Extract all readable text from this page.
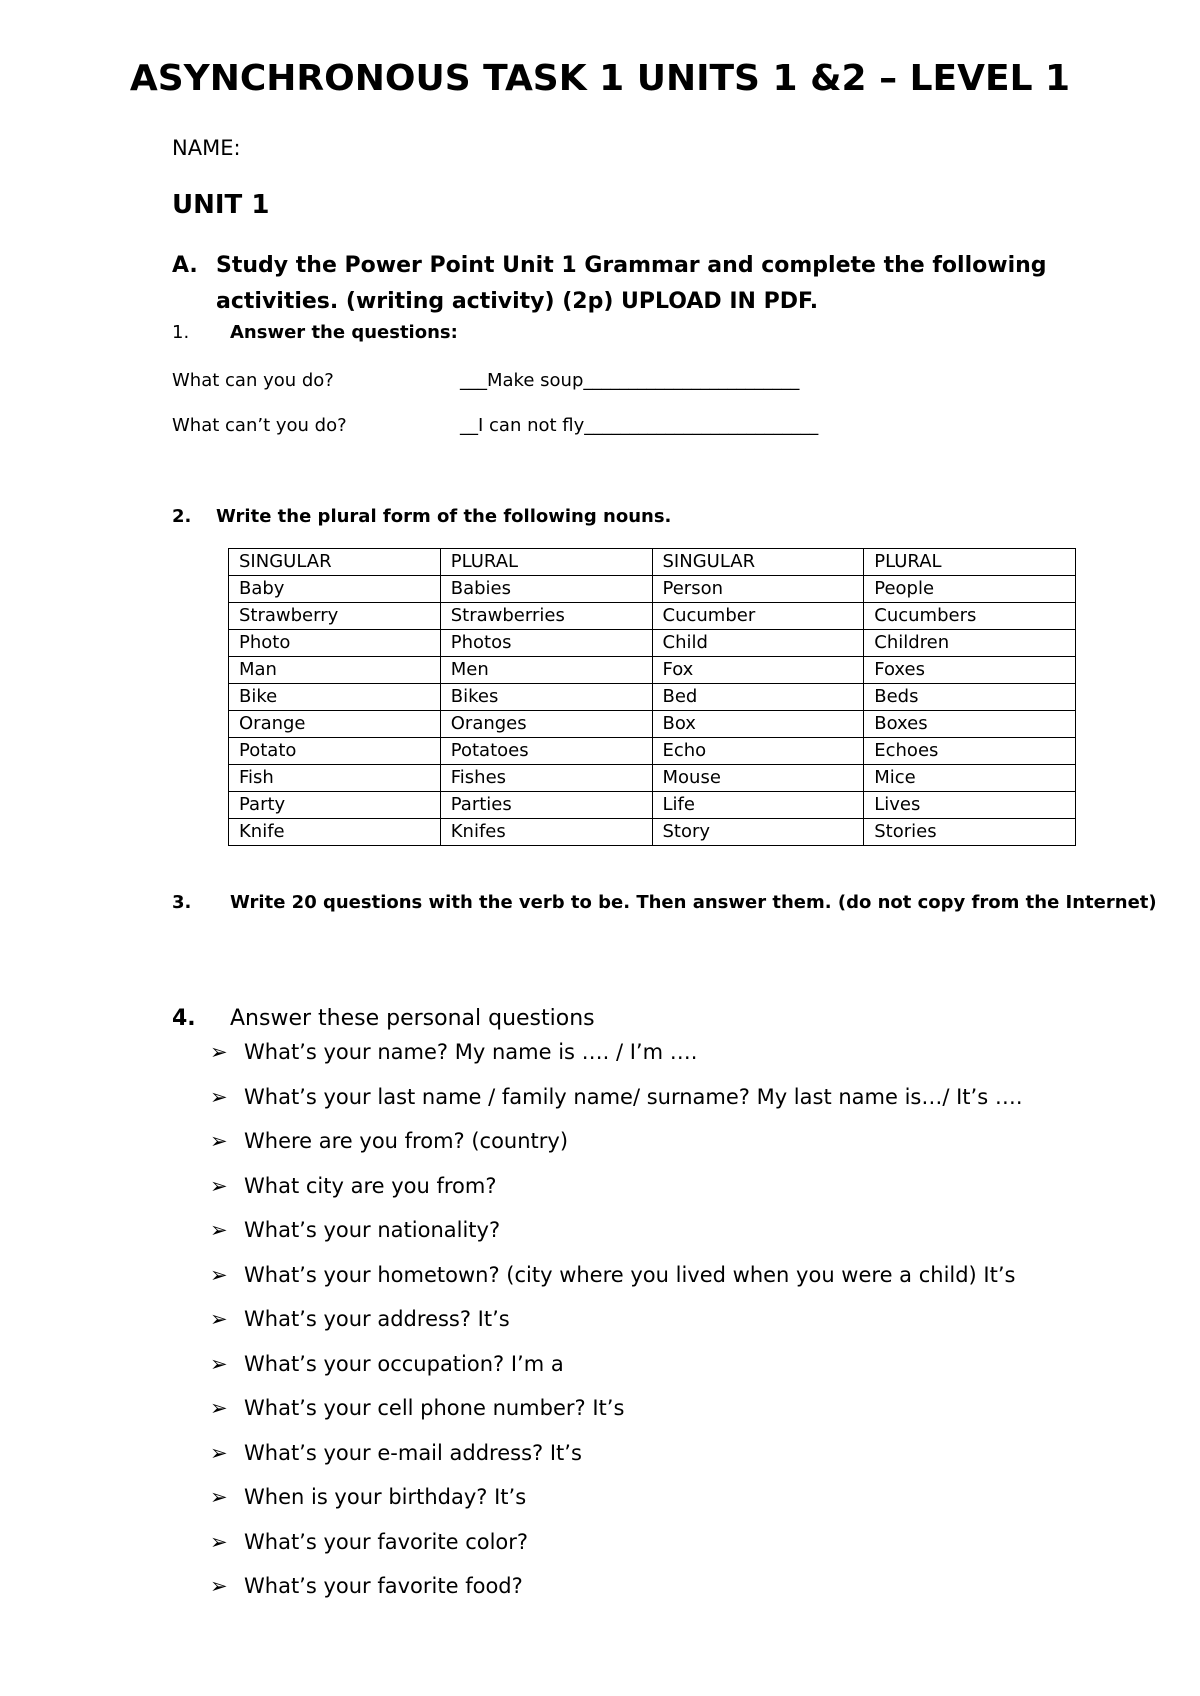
ASYNCHRONOUS TASK 1 UNITS 1 &2 – LEVEL 1
NAME:
UNIT 1
A. Study the Power Point Unit 1 Grammar and complete the following activities. (writing activity) (2p) UPLOAD IN PDF.
1. Answer the questions:
What can you do?	___Make soup________________________
What can’t you do?	__I can not fly__________________________
2. Write the plural form of the following nouns.
SINGULAR	PLURAL	SINGULAR	PLURAL
Baby	Babies	Person	People
Strawberry	Strawberries	Cucumber	Cucumbers
Photo	Photos	Child	Children
Man	Men	Fox	Foxes
Bike	Bikes	Bed	Beds
Orange	Oranges	Box	Boxes
Potato	Potatoes	Echo	Echoes
Fish	Fishes	Mouse	Mice
Party	Parties	Life	Lives
Knife	Knifes	Story	Stories
3. Write 20 questions with the verb to be. Then answer them. (do not copy from the Internet)
4. Answer these personal questions
➢ What’s your name? My name is …. / I’m ….
➢ What’s your last name / family name/ surname? My last name is…/ It’s ….
➢ Where are you from? (country)
➢ What city are you from?
➢ What’s your nationality?
➢ What’s your hometown? (city where you lived when you were a child) It’s
➢ What’s your address? It’s
➢ What’s your occupation? I’m a
➢ What’s your cell phone number? It’s
➢ What’s your e-mail address? It’s
➢ When is your birthday? It’s
➢ What’s your favorite color?
➢ What’s your favorite food?
